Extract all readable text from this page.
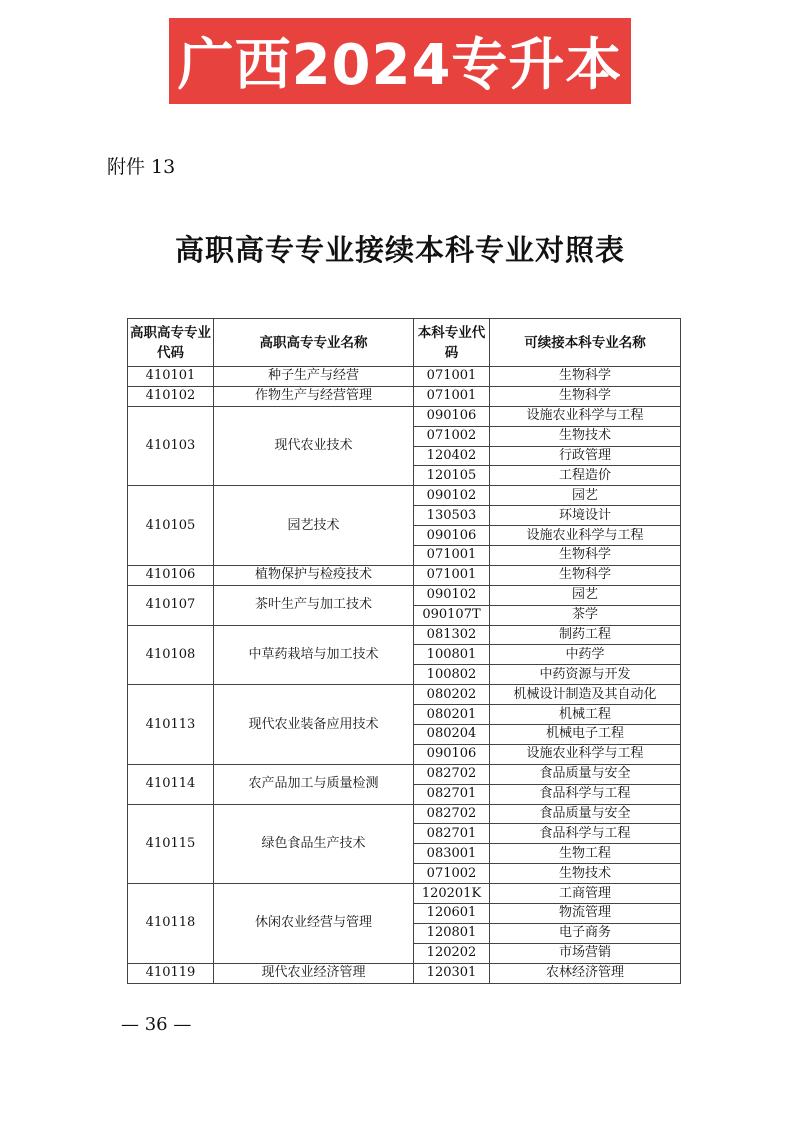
广西2024专升本
附件 13
高职高专专业接续本科专业对照表
高职高专专业代码	高职高专专业名称	本科专业代码	可续接本科专业名称
410101	种子生产与经营	071001	生物科学
410102	作物生产与经营管理	071001	生物科学
410103	现代农业技术	090106	设施农业科学与工程
		071002	生物技术
		120402	行政管理
		120105	工程造价
410105	园艺技术	090102	园艺
		130503	环境设计
		090106	设施农业科学与工程
		071001	生物科学
410106	植物保护与检疫技术	071001	生物科学
410107	茶叶生产与加工技术	090102	园艺
		090107T	茶学
410108	中草药栽培与加工技术	081302	制药工程
		100801	中药学
		100802	中药资源与开发
410113	现代农业装备应用技术	080202	机械设计制造及其自动化
		080201	机械工程
		080204	机械电子工程
		090106	设施农业科学与工程
410114	农产品加工与质量检测	082702	食品质量与安全
		082701	食品科学与工程
410115	绿色食品生产技术	082702	食品质量与安全
		082701	食品科学与工程
		083001	生物工程
		071002	生物技术
410118	休闲农业经营与管理	120201K	工商管理
		120601	物流管理
		120801	电子商务
		120202	市场营销
410119	现代农业经济管理	120301	农林经济管理
— 36 —
